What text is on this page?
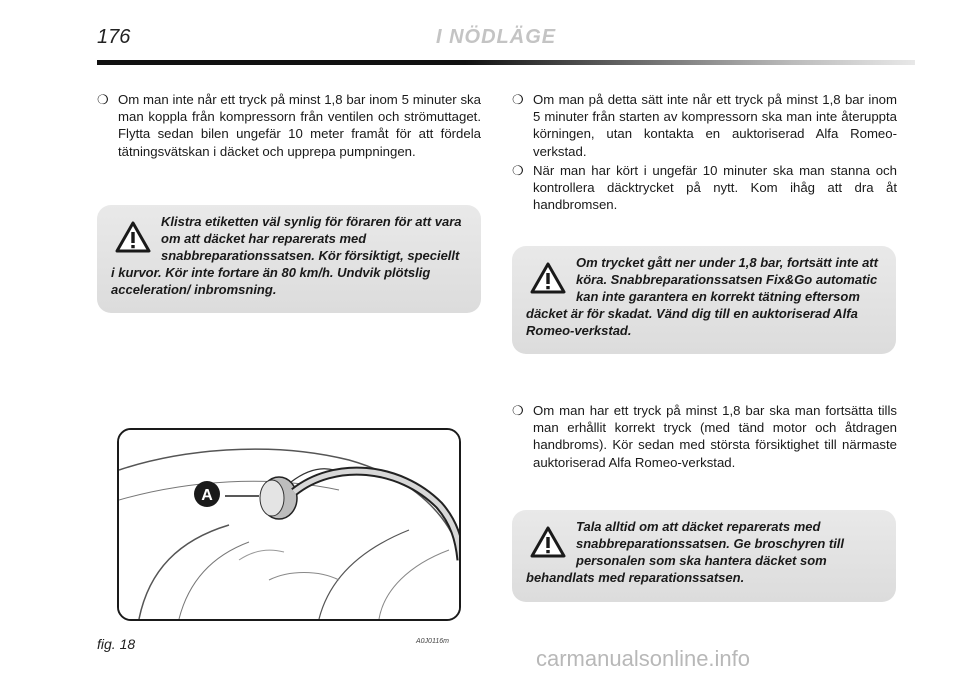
176	I NÖDLÄGE
❍ Om man inte når ett tryck på minst 1,8 bar inom 5 minuter ska man koppla från kompressorn från ventilen och strömuttaget. Flytta sedan bilen ungefär 10 meter framåt för att fördela tätningsvätskan i däcket och upprepa pumpningen.
Klistra etiketten väl synlig för föraren för att vara om att däcket har reparerats med snabbreparationssatsen. Kör försiktigt, speciellt i kurvor. Kör inte fortare än 80 km/h. Undvik plötslig acceleration/ inbromsning.
A
fig. 18	A0J0116m
❍ Om man på detta sätt inte når ett tryck på minst 1,8 bar inom 5 minuter från starten av kompressorn ska man inte återuppta körningen, utan kontakta en auktoriserad Alfa Romeo-verkstad.
❍ När man har kört i ungefär 10 minuter ska man stanna och kontrollera däcktrycket på nytt. Kom ihåg att dra åt handbromsen.
Om trycket gått ner under 1,8 bar, fortsätt inte att köra. Snabbreparationssatsen Fix&Go automatic kan inte garantera en korrekt tätning eftersom däcket är för skadat. Vänd dig till en auktoriserad Alfa Romeo-verkstad.
❍ Om man har ett tryck på minst 1,8 bar ska man fortsätta tills man erhållit korrekt tryck (med tänd motor och åtdragen handbroms). Kör sedan med största försiktighet till närmaste auktoriserad Alfa Romeo-verkstad.
Tala alltid om att däcket reparerats med snabbreparationssatsen. Ge broschyren till personalen som ska hantera däcket som behandlats med reparationssatsen.
carmanualsonline.info
